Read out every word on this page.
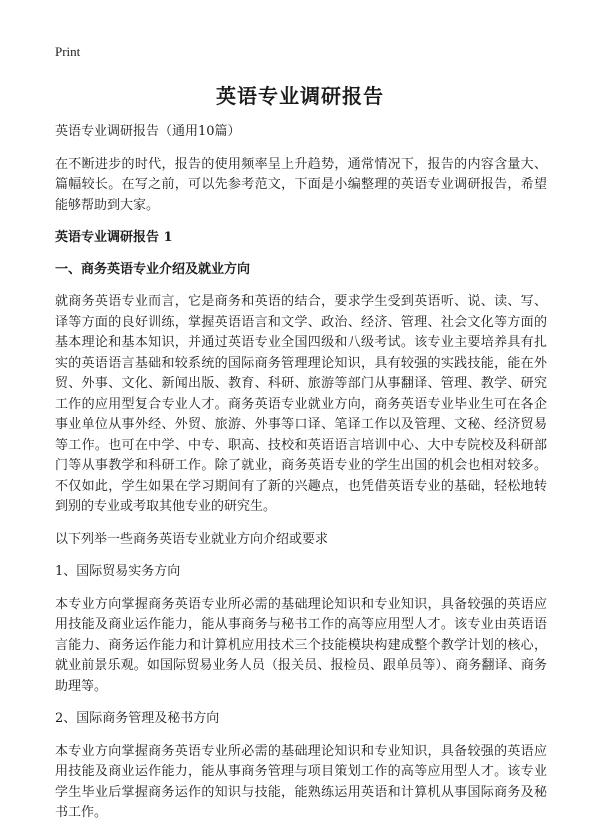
Print
英语专业调研报告

英语专业调研报告（通用10篇）

在不断进步的时代，报告的使用频率呈上升趋势，通常情况下，报告的内容含量大、篇幅较长。在写之前，可以先参考范文，下面是小编整理的英语专业调研报告，希望能够帮助到大家。

英语专业调研报告 1
一、商务英语专业介绍及就业方向

就商务英语专业而言，它是商务和英语的结合，要求学生受到英语听、说、读、写、译等方面的良好训练，掌握英语语言和文学、政治、经济、管理、社会文化等方面的基本理论和基本知识，并通过英语专业全国四级和八级考试。该专业主要培养具有扎实的英语语言基础和较系统的国际商务管理理论知识，具有较强的实践技能，能在外贸、外事、文化、新闻出版、教育、科研、旅游等部门从事翻译、管理、教学、研究工作的应用型复合专业人才。商务英语专业就业方向，商务英语专业毕业生可在各企事业单位从事外经、外贸、旅游、外事等口译、笔译工作以及管理、文秘、经济贸易等工作。也可在中学、中专、职高、技校和英语语言培训中心、大中专院校及科研部门等从事教学和科研工作。除了就业，商务英语专业的学生出国的机会也相对较多。不仅如此，学生如果在学习期间有了新的兴趣点，也凭借英语专业的基础，轻松地转到别的专业或考取其他专业的研究生。

以下列举一些商务英语专业就业方向介绍或要求

1、国际贸易实务方向

本专业方向掌握商务英语专业所必需的基础理论知识和专业知识，具备较强的英语应用技能及商业运作能力，能从事商务与秘书工作的高等应用型人才。该专业由英语语言能力、商务运作能力和计算机应用技术三个技能模块构建成整个教学计划的核心，就业前景乐观。如国际贸易业务人员（报关员、报检员、跟单员等）、商务翻译、商务助理等。

2、国际商务管理及秘书方向

本专业方向掌握商务英语专业所必需的基础理论知识和专业知识，具备较强的英语应用技能及商业运作能力，能从事商务管理与项目策划工作的高等应用型人才。该专业学生毕业后掌握商务运作的知识与技能，能熟练运用英语和计算机从事国际商务及秘书工作。
